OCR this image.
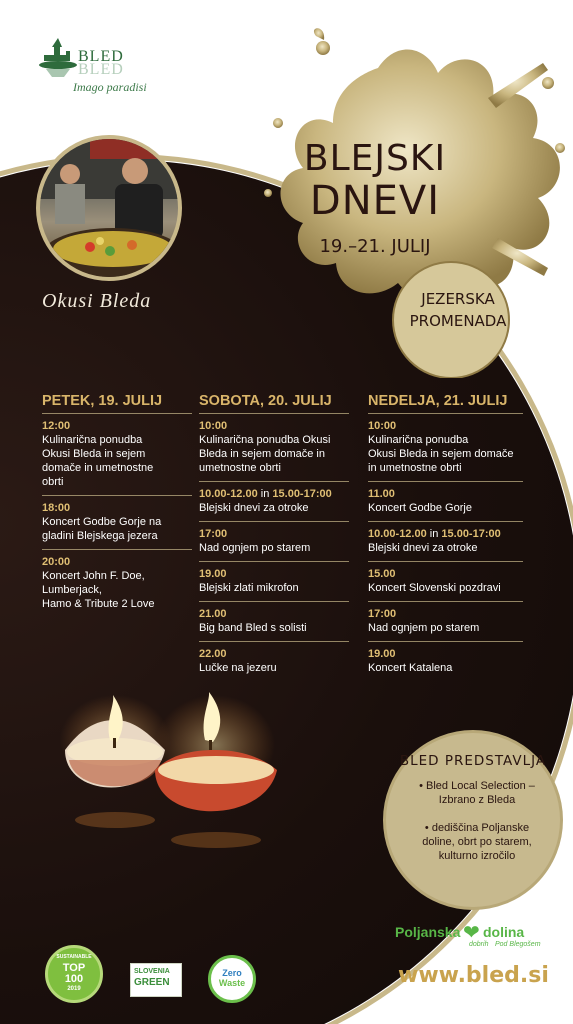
BLED
BLED
Imago paradisi
Okusi Bleda
BLEJSKI
DNEVI
19.–21. JULIJ
JEZERSKA
PROMENADA
PETEK, 19. JULIJ
12:00
Kulinarična ponudba
Okusi Bleda in sejem
domače in umetnostne
obrti
18:00
Koncert Godbe Gorje na
gladini Blejskega jezera
20:00
Koncert John F. Doe,
Lumberjack,
Hamo & Tribute 2 Love
SOBOTA, 20. JULIJ
10:00
Kulinarična ponudba Okusi
Bleda in sejem domače in
umetnostne obrti
10.00-12.00 in 15.00-17:00
Blejski dnevi za otroke
17:00
Nad ognjem po starem
19.00
Blejski zlati mikrofon
21.00
Big band Bled s solisti
22.00
Lučke na jezeru
NEDELJA, 21. JULIJ
10:00
Kulinarična ponudba
Okusi Bleda in sejem domače
in umetnostne obrti
11.00
Koncert Godbe Gorje
10.00-12.00 in 15.00-17:00
Blejski dnevi za otroke
15.00
Koncert Slovenski pozdravi
17:00
Nad ognjem po starem
19.00
Koncert Katalena
BLED PREDSTAVLJA
• Bled Local Selection –
Izbrano z Bleda
• dediščina Poljanske
doline, obrt po starem,
kulturno izročilo
Poljanska ❤ dolina
dobrih Pod Blegošem
www.bled.si
SUSTAINABLE
TOP
100
2019
SLOVENIA
GREEN
Zero
Waste
